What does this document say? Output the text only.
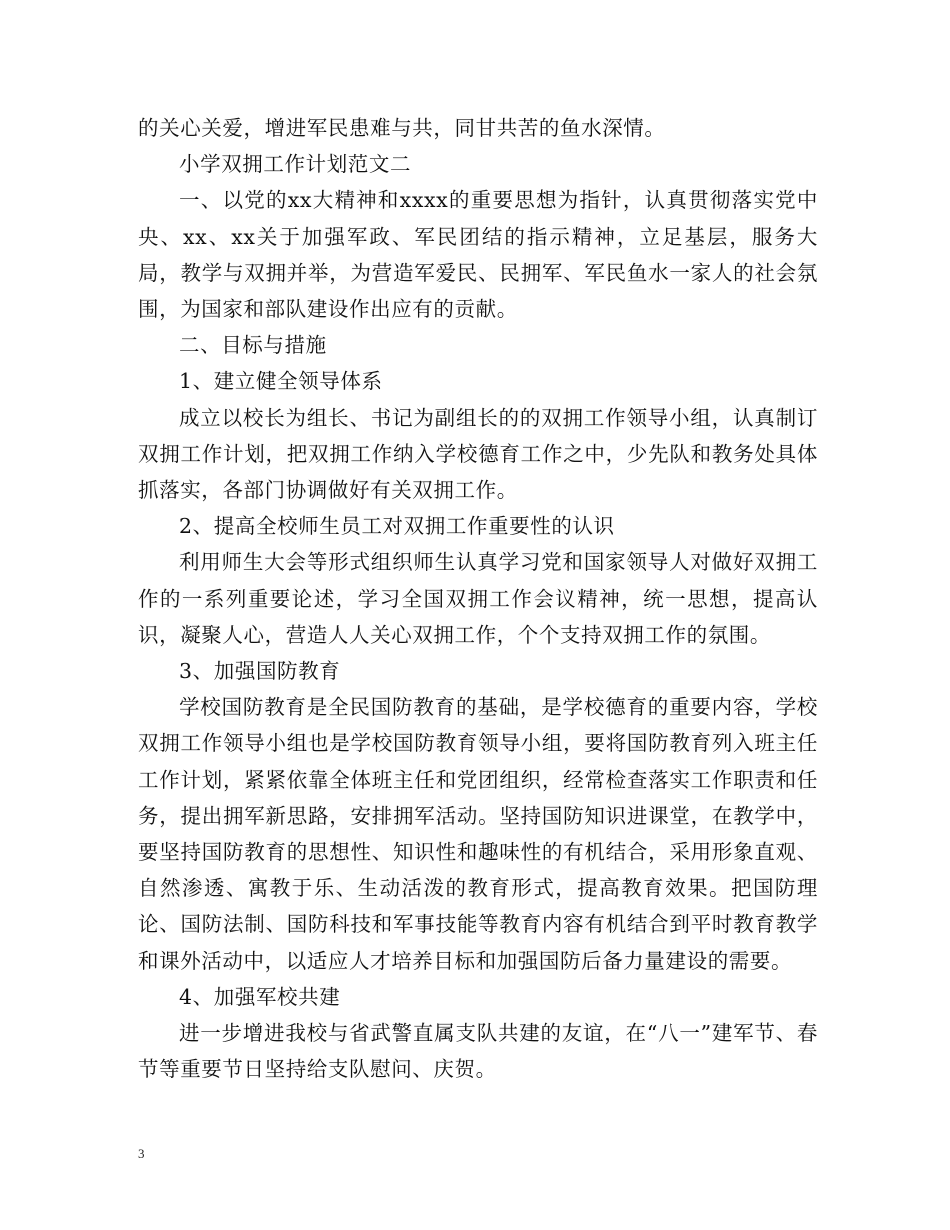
的关心关爱，增进军民患难与共，同甘共苦的鱼水深情。

小学双拥工作计划范文二

一、以党的xx大精神和xxxx的重要思想为指针，认真贯彻落实党中央、xx、xx关于加强军政、军民团结的指示精神，立足基层，服务大局，教学与双拥并举，为营造军爱民、民拥军、军民鱼水一家人的社会氛围，为国家和部队建设作出应有的贡献。

二、目标与措施

1、建立健全领导体系

成立以校长为组长、书记为副组长的的双拥工作领导小组，认真制订双拥工作计划，把双拥工作纳入学校德育工作之中，少先队和教务处具体抓落实，各部门协调做好有关双拥工作。

2、提高全校师生员工对双拥工作重要性的认识

利用师生大会等形式组织师生认真学习党和国家领导人对做好双拥工作的一系列重要论述，学习全国双拥工作会议精神，统一思想，提高认识，凝聚人心，营造人人关心双拥工作，个个支持双拥工作的氛围。

3、加强国防教育

学校国防教育是全民国防教育的基础，是学校德育的重要内容，学校双拥工作领导小组也是学校国防教育领导小组，要将国防教育列入班主任工作计划，紧紧依靠全体班主任和党团组织，经常检查落实工作职责和任务，提出拥军新思路，安排拥军活动。坚持国防知识进课堂，在教学中，要坚持国防教育的思想性、知识性和趣味性的有机结合，采用形象直观、自然渗透、寓教于乐、生动活泼的教育形式，提高教育效果。把国防理论、国防法制、国防科技和军事技能等教育内容有机结合到平时教育教学和课外活动中，以适应人才培养目标和加强国防后备力量建设的需要。

4、加强军校共建

进一步增进我校与省武警直属支队共建的友谊，在“八一”建军节、春节等重要节日坚持给支队慰问、庆贺。

3
